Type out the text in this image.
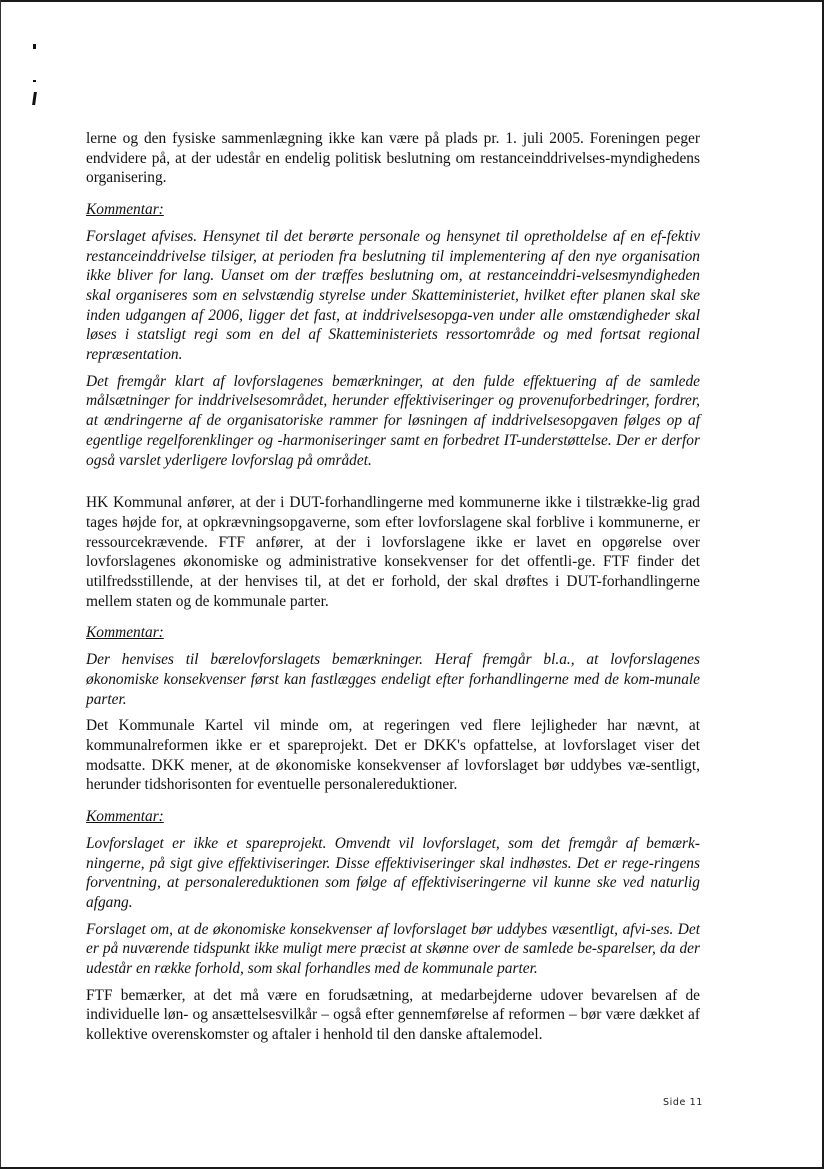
lerne og den fysiske sammenlægning ikke kan være på plads pr. 1. juli 2005. Foreningen peger endvidere på, at der udestår en endelig politisk beslutning om restanceinddrivelses-myndighedens organisering.

Kommentar:

Forslaget afvises. Hensynet til det berørte personale og hensynet til opretholdelse af en ef-fektiv restanceinddrivelse tilsiger, at perioden fra beslutning til implementering af den nye organisation ikke bliver for lang. Uanset om der træffes beslutning om, at restanceinddri-velsesmyndigheden skal organiseres som en selvstændig styrelse under Skatteministeriet, hvilket efter planen skal ske inden udgangen af 2006, ligger det fast, at inddrivelsesopga-ven under alle omstændigheder skal løses i statsligt regi som en del af Skatteministeriets ressortområde og med fortsat regional repræsentation.

Det fremgår klart af lovforslagenes bemærkninger, at den fulde effektuering af de samlede målsætninger for inddrivelsesområdet, herunder effektiviseringer og provenuforbedringer, fordrer, at ændringerne af de organisatoriske rammer for løsningen af inddrivelsesopgaven følges op af egentlige regelforenklinger og -harmoniseringer samt en forbedret IT-understøttelse. Der er derfor også varslet yderligere lovforslag på området.

HK Kommunal anfører, at der i DUT-forhandlingerne med kommunerne ikke i tilstrække-lig grad tages højde for, at opkrævningsopgaverne, som efter lovforslagene skal forblive i kommunerne, er ressourcekrævende. FTF anfører, at der i lovforslagene ikke er lavet en opgørelse over lovforslagenes økonomiske og administrative konsekvenser for det offentli-ge. FTF finder det utilfredsstillende, at der henvises til, at det er forhold, der skal drøftes i DUT-forhandlingerne mellem staten og de kommunale parter.

Kommentar:

Der henvises til bærelovforslagets bemærkninger. Heraf fremgår bl.a., at lovforslagenes økonomiske konsekvenser først kan fastlægges endeligt efter forhandlingerne med de kom-munale parter.

Det Kommunale Kartel vil minde om, at regeringen ved flere lejligheder har nævnt, at kommunalreformen ikke er et spareprojekt. Det er DKK's opfattelse, at lovforslaget viser det modsatte. DKK mener, at de økonomiske konsekvenser af lovforslaget bør uddybes væ-sentligt, herunder tidshorisonten for eventuelle personalereduktioner.

Kommentar:

Lovforslaget er ikke et spareprojekt. Omvendt vil lovforslaget, som det fremgår af bemærk-ningerne, på sigt give effektiviseringer. Disse effektiviseringer skal indhøstes. Det er rege-ringens forventning, at personalereduktionen som følge af effektiviseringerne vil kunne ske ved naturlig afgang.

Forslaget om, at de økonomiske konsekvenser af lovforslaget bør uddybes væsentligt, afvi-ses. Det er på nuværende tidspunkt ikke muligt mere præcist at skønne over de samlede be-sparelser, da der udestår en række forhold, som skal forhandles med de kommunale parter.

FTF bemærker, at det må være en forudsætning, at medarbejderne udover bevarelsen af de individuelle løn- og ansættelsesvilkår – også efter gennemførelse af reformen – bør være dækket af kollektive overenskomster og aftaler i henhold til den danske aftalemodel.

Side 11
